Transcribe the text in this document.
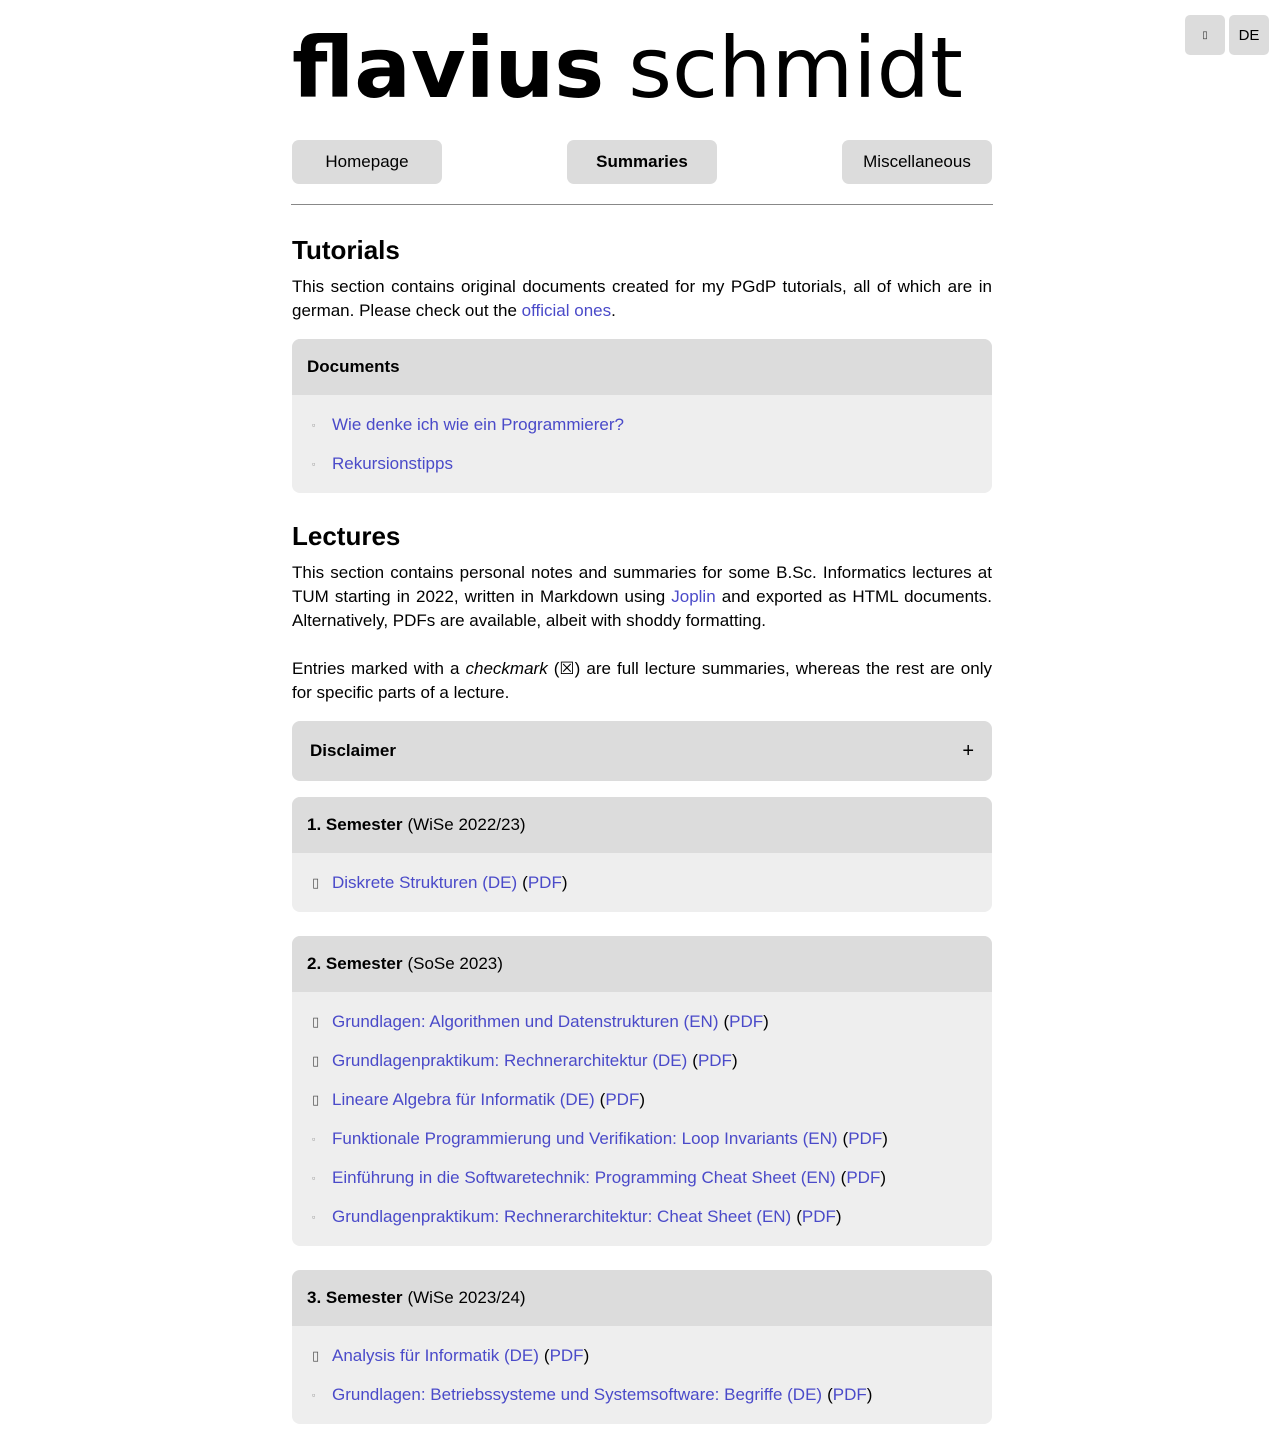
▯	DE
flavius schmidt
Homepage	Summaries	Miscellaneous
Tutorials

This section contains original documents created for my PGdP tutorials, all of which are in german. Please check out the official ones.

Documents
▫ Wie denke ich wie ein Programmierer?
▫ Rekursionstipps
Lectures

This section contains personal notes and summaries for some B.Sc. Informatics lectures at TUM starting in 2022, written in Markdown using Joplin and exported as HTML documents. Alternatively, PDFs are available, albeit with shoddy formatting.

Entries marked with a checkmark (☒) are full lecture summaries, whereas the rest are only for specific parts of a lecture.

Disclaimer	+
1. Semester (WiSe 2022/23)
▯ Diskrete Strukturen (DE) ( PDF )
2. Semester (SoSe 2023)
▯ Grundlagen: Algorithmen und Datenstrukturen (EN) ( PDF )
▯ Grundlagenpraktikum: Rechnerarchitektur (DE) ( PDF )
▯ Lineare Algebra für Informatik (DE) ( PDF )
▫ Funktionale Programmierung und Verifikation: Loop Invariants (EN) ( PDF )
▫ Einführung in die Softwaretechnik: Programming Cheat Sheet (EN) ( PDF )
▫ Grundlagenpraktikum: Rechnerarchitektur: Cheat Sheet (EN) ( PDF )
3. Semester (WiSe 2023/24)
▯ Analysis für Informatik (DE) ( PDF )
▫ Grundlagen: Betriebssysteme und Systemsoftware: Begriffe (DE) ( PDF )
